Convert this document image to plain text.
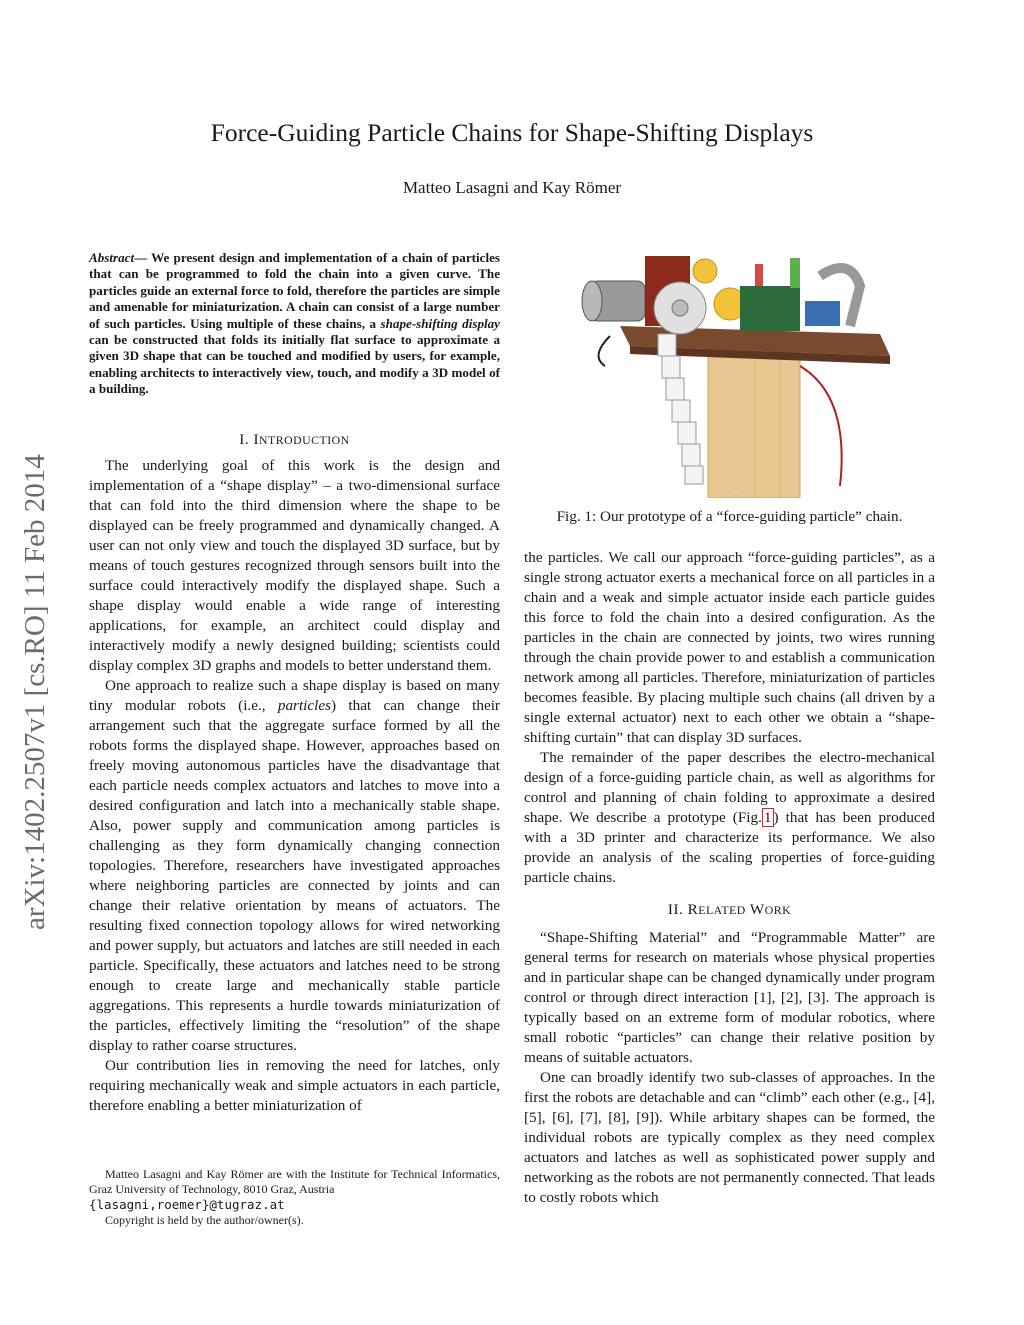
Force-Guiding Particle Chains for Shape-Shifting Displays
Matteo Lasagni and Kay Römer
arXiv:1402.2507v1 [cs.RO] 11 Feb 2014
Abstract— We present design and implementation of a chain of particles that can be programmed to fold the chain into a given curve. The particles guide an external force to fold, therefore the particles are simple and amenable for miniaturization. A chain can consist of a large number of such particles. Using multiple of these chains, a shape-shifting display can be constructed that folds its initially flat surface to approximate a given 3D shape that can be touched and modified by users, for example, enabling architects to interactively view, touch, and modify a 3D model of a building.

I. INTRODUCTION

The underlying goal of this work is the design and implementation of a “shape display” – a two-dimensional surface that can fold into the third dimension where the shape to be displayed can be freely programmed and dynamically changed. A user can not only view and touch the displayed 3D surface, but by means of touch gestures recognized through sensors built into the surface could interactively modify the displayed shape. Such a shape display would enable a wide range of interesting applications, for example, an architect could display and interactively modify a newly designed building; scientists could display complex 3D graphs and models to better understand them.

One approach to realize such a shape display is based on many tiny modular robots (i.e., particles) that can change their arrangement such that the aggregate surface formed by all the robots forms the displayed shape. However, approaches based on freely moving autonomous particles have the disadvantage that each particle needs complex actuators and latches to move into a desired configuration and latch into a mechanically stable shape. Also, power supply and communication among particles is challenging as they form dynamically changing connection topologies. Therefore, researchers have investigated approaches where neighboring particles are connected by joints and can change their relative orientation by means of actuators. The resulting fixed connection topology allows for wired networking and power supply, but actuators and latches are still needed in each particle. Specifically, these actuators and latches need to be strong enough to create large and mechanically stable particle aggregations. This represents a hurdle towards miniaturization of the particles, effectively limiting the “resolution” of the shape display to rather coarse structures.

Our contribution lies in removing the need for latches, only requiring mechanically weak and simple actuators in each particle, therefore enabling a better miniaturization of

Matteo Lasagni and Kay Römer are with the Institute for Technical Informatics, Graz University of Technology, 8010 Graz, Austria

{lasagni,roemer}@tugraz.at

Copyright is held by the author/owner(s).

prototype photo
Fig. 1: Our prototype of a “force-guiding particle” chain.

the particles. We call our approach “force-guiding particles”, as a single strong actuator exerts a mechanical force on all particles in a chain and a weak and simple actuator inside each particle guides this force to fold the chain into a desired configuration. As the particles in the chain are connected by joints, two wires running through the chain provide power to and establish a communication network among all particles. Therefore, miniaturization of particles becomes feasible. By placing multiple such chains (all driven by a single external actuator) next to each other we obtain a “shape-shifting curtain” that can display 3D surfaces.

The remainder of the paper describes the electro-mechanical design of a force-guiding particle chain, as well as algorithms for control and planning of chain folding to approximate a desired shape. We describe a prototype (Fig. 1 ) that has been produced with a 3D printer and characterize its performance. We also provide an analysis of the scaling properties of force-guiding particle chains.

II. RELATED WORK

“Shape-Shifting Material” and “Programmable Matter” are general terms for research on materials whose physical properties and in particular shape can be changed dynamically under program control or through direct interaction [1], [2], [3]. The approach is typically based on an extreme form of modular robotics, where small robotic “particles” can change their relative position by means of suitable actuators.

One can broadly identify two sub-classes of approaches. In the first the robots are detachable and can “climb” each other (e.g., [4], [5], [6], [7], [8], [9]). While arbitary shapes can be formed, the individual robots are typically complex as they need complex actuators and latches as well as sophisticated power supply and networking as the robots are not permanently connected. That leads to costly robots which
